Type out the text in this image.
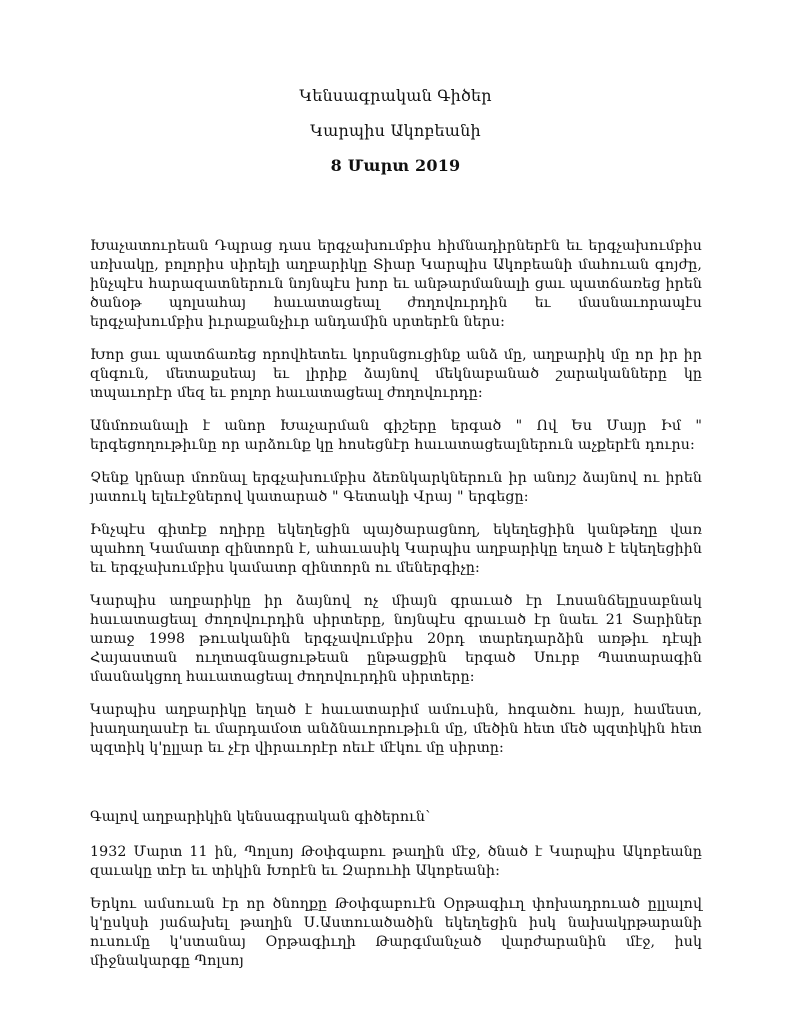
Կենսագրական Գիծեր
Կարպիս Ակոբեանի
8 Մարտ 2019

Խաչատուրեան Դպրաց դաս երգչախումբիս հիմնադիրներէն եւ երգչախումբիս սռխակը, բոլորիս սիրելի աղբարիկը Տիար Կարպիս Ակոբեանի մահուան գոյժը, ինչպէս հարազատներուն նոյնպէս խոր եւ անթարմանալի ցաւ պատճառեց իրեն ծանօթ պոլսահայ հաւատացեալ ժողովուրդին եւ մասնաւորապէս երգչախումբիս իւրաքանչիւր անդամին սրտերէն ներս։

Խոր ցաւ պատճառեց որովհետեւ կորսնցուցինք անձ մը, աղբարիկ մը որ իր իր զնգուն, մետաքսեայ եւ լիրիք ձայնով մեկնաբանած շարականները կը տպաւորէր մեզ եւ բոլոր հաւատացեալ ժողովուրդը։

Անմոռանալի է անոր Խաչարման գիշերը երգած " Ով Ես Մայր Իմ " երգեցողութիւնը որ արձունք կը հոսեցնէր հաւատացեալներուն աչքերէն դուրս։

Չենք կրնար մոռնալ երգչախումբիս ձեռնկարկներուն իր անոյշ ձայնով ու իրեն յատուկ ելեւէջներով կատարած " Գետակի Վրայ " երգեցը։

Ինչպէս գիտէք ողիրը եկեղեցին պայծարացնող, եկեղեցիին կանթեղը վառ պահող Կամատր զինտորն է, ահաւասիկ Կարպիս աղբարիկը եղած է եկեղեցիին եւ երգչախումբիս կամատր զինտորն ու մեներգիչը։

Կարպիս աղբարիկը իր ձայնով ոչ միայն գրաւած էր Լոսանճելըսաբնակ հաւատացեալ ժողովուրդին սիրտերը, նոյնպէս գրաւած էր նաեւ 21 Տարիներ առաջ 1998 թուականին երգչավումբիս 20րդ տարեդարձին առթիւ դէպի Հայաստան ուղտագնացութեան ընթացքին երգած Սուրբ Պատարագին մասնակցող հաւատացեալ ժողովուրդին սիրտերը։

Կարպիս աղբարիկը եղած է հաւատարիմ ամուսին, հոգածու հայր, համեստ, խաղաղասէր եւ մարդամօտ անձնաւորութիւն մը, մեծին հետ մեծ պզտիկին հետ պզտիկ կ'ըլլար եւ չէր վիրաւորէր ոեւէ մէկու մը սիրտը։

Գալով աղբարիկին կենսագրական գիծերուն՝

1932 Մարտ 11 ին, Պոլսոյ Թօփգաբու թաղին մէջ, ծնած է Կարպիս Ակոբեանը զաւակը տէր եւ տիկին Խորէն եւ Զարուհի Ակոբեանի։

Երկու ամսուան էր որ ծնողքը Թօփգաբուէն Օրթագիւղ փոխադրուած ըլլալով կ'ըսկսի յաճախել թաղին Ս.Աստուածածին եկեղեցին իսկ նախակրթարանի ուսումը կ'ստանայ Օրթագիւղի Թարգմանչած վարժարանին մէջ, իսկ միջնակարգը Պոլսոյ
